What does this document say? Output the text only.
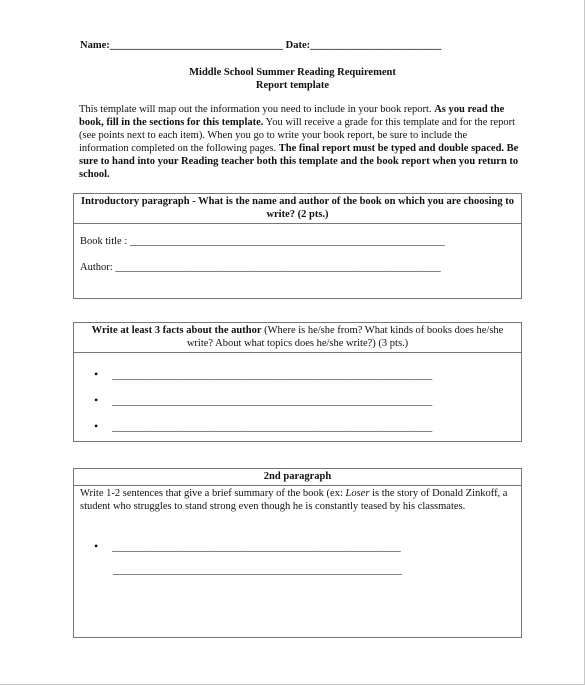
Name:_________________________________ Date:_________________________
Middle School Summer Reading Requirement
Report template
This template will map out the information you need to include in your book report. As you read the book, fill in the sections for this template. You will receive a grade for this template and for the report (see points next to each item). When you go to write your book report, be sure to include the information completed on the following pages. The final report must be typed and double spaced. Be sure to hand into your Reading teacher both this template and the book report when you return to school.
Introductory paragraph - What is the name and author of the book on which you are choosing to write? (2 pts.)
Book title : ____________________________________________________________
Author: ______________________________________________________________
Write at least 3 facts about the author (Where is he/she from? What kinds of books does he/she write? About what topics does he/she write?) (3 pts.)
• _____________________________________________________________
• _____________________________________________________________
• _____________________________________________________________
2nd paragraph
Write 1-2 sentences that give a brief summary of the book (ex: Loser is the story of Donald Zinkoff, a student who struggles to stand strong even though he is constantly teased by his classmates.
• _______________________________________________________
_______________________________________________________
